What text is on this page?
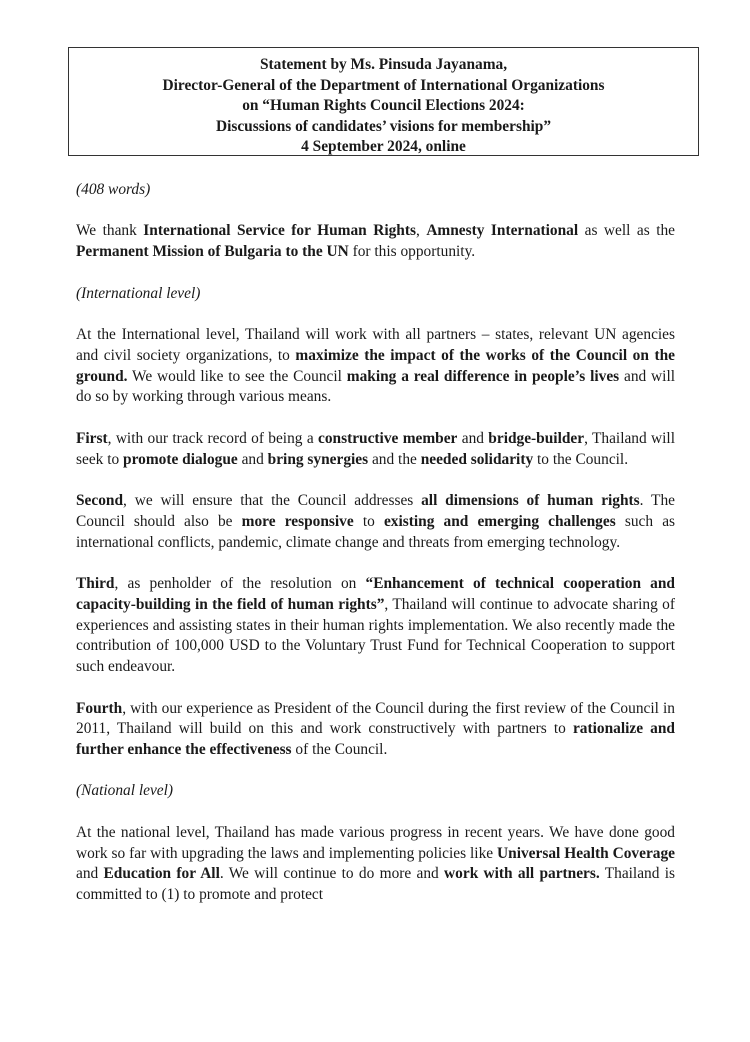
Statement by Ms. Pinsuda Jayanama,
Director-General of the Department of International Organizations
on “Human Rights Council Elections 2024:
Discussions of candidates’ visions for membership”
4 September 2024, online

(408 words)

We thank International Service for Human Rights, Amnesty International as well as the Permanent Mission of Bulgaria to the UN for this opportunity.

(International level)

At the International level, Thailand will work with all partners – states, relevant UN agencies and civil society organizations, to maximize the impact of the works of the Council on the ground. We would like to see the Council making a real difference in people’s lives and will do so by working through various means.

First, with our track record of being a constructive member and bridge-builder, Thailand will seek to promote dialogue and bring synergies and the needed solidarity to the Council.

Second, we will ensure that the Council addresses all dimensions of human rights. The Council should also be more responsive to existing and emerging challenges such as international conflicts, pandemic, climate change and threats from emerging technology.

Third, as penholder of the resolution on “Enhancement of technical cooperation and capacity-building in the field of human rights”, Thailand will continue to advocate sharing of experiences and assisting states in their human rights implementation. We also recently made the contribution of 100,000 USD to the Voluntary Trust Fund for Technical Cooperation to support such endeavour.

Fourth, with our experience as President of the Council during the first review of the Council in 2011, Thailand will build on this and work constructively with partners to rationalize and further enhance the effectiveness of the Council.

(National level)

At the national level, Thailand has made various progress in recent years. We have done good work so far with upgrading the laws and implementing policies like Universal Health Coverage and Education for All. We will continue to do more and work with all partners. Thailand is committed to (1) to promote and protect
